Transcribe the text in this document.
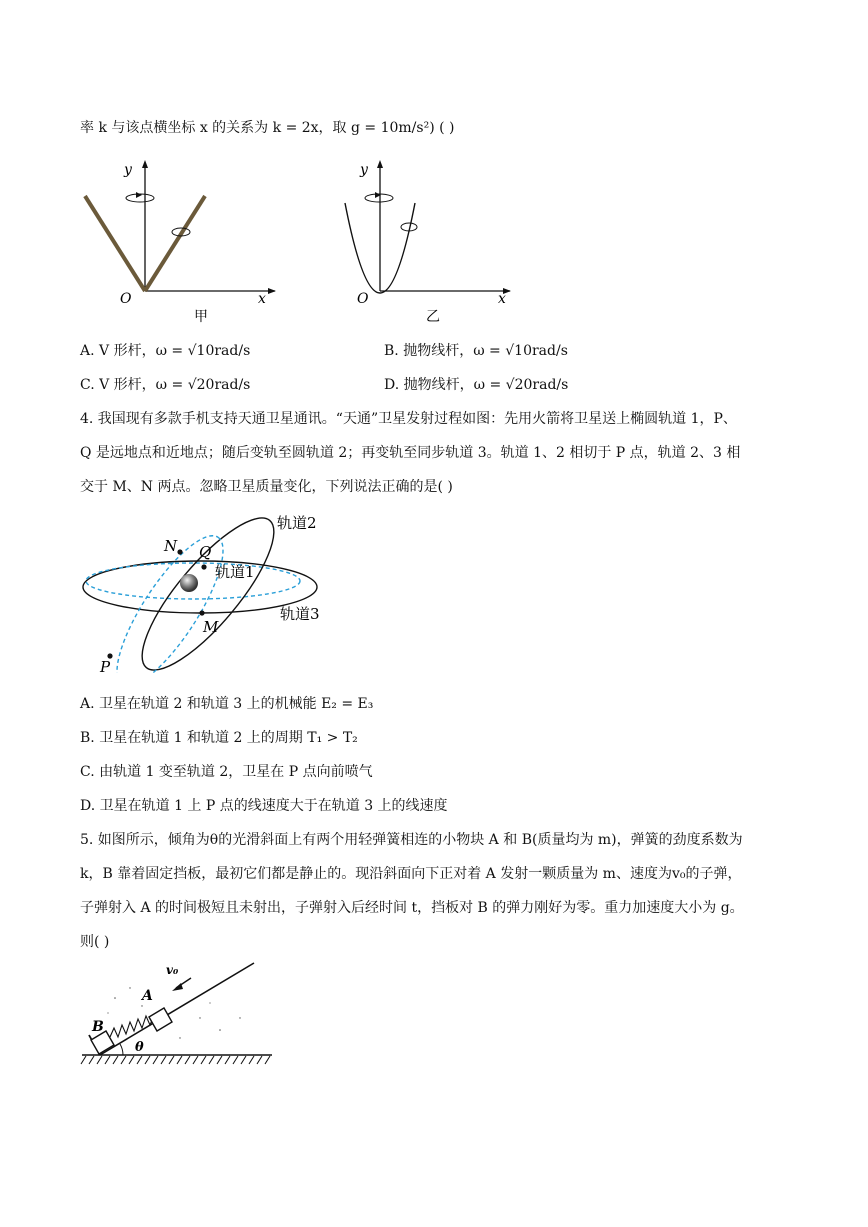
率 k 与该点横坐标 x 的关系为 k = 2x，取 g = 10m/s²) ( )
y
O	x
甲
y
O	x
乙
A. V 形杆，ω = √10rad/s	B. 抛物线杆，ω = √10rad/s
C. V 形杆，ω = √20rad/s	D. 抛物线杆，ω = √20rad/s
4. 我国现有多款手机支持天通卫星通讯。“天通”卫星发射过程如图：先用火箭将卫星送上椭圆轨道 1，P、
Q 是远地点和近地点；随后变轨至圆轨道 2；再变轨至同步轨道 3。轨道 1、2 相切于 P 点，轨道 2、3 相
交于 M、N 两点。忽略卫星质量变化，下列说法正确的是( )
轨道2
轨道1
轨道3
N Q
M
P
A. 卫星在轨道 2 和轨道 3 上的机械能 E₂ = E₃
B. 卫星在轨道 1 和轨道 2 上的周期 T₁ > T₂
C. 由轨道 1 变至轨道 2，卫星在 P 点向前喷气
D. 卫星在轨道 1 上 P 点的线速度大于在轨道 3 上的线速度
5. 如图所示，倾角为θ的光滑斜面上有两个用轻弹簧相连的小物块 A 和 B(质量均为 m)，弹簧的劲度系数为
k，B 靠着固定挡板，最初它们都是静止的。现沿斜面向下正对着 A 发射一颗质量为 m、速度为v₀的子弹，
子弹射入 A 的时间极短且未射出，子弹射入后经时间 t，挡板对 B 的弹力刚好为零。重力加速度大小为 g。
则( )
B
A
v₀
θ
